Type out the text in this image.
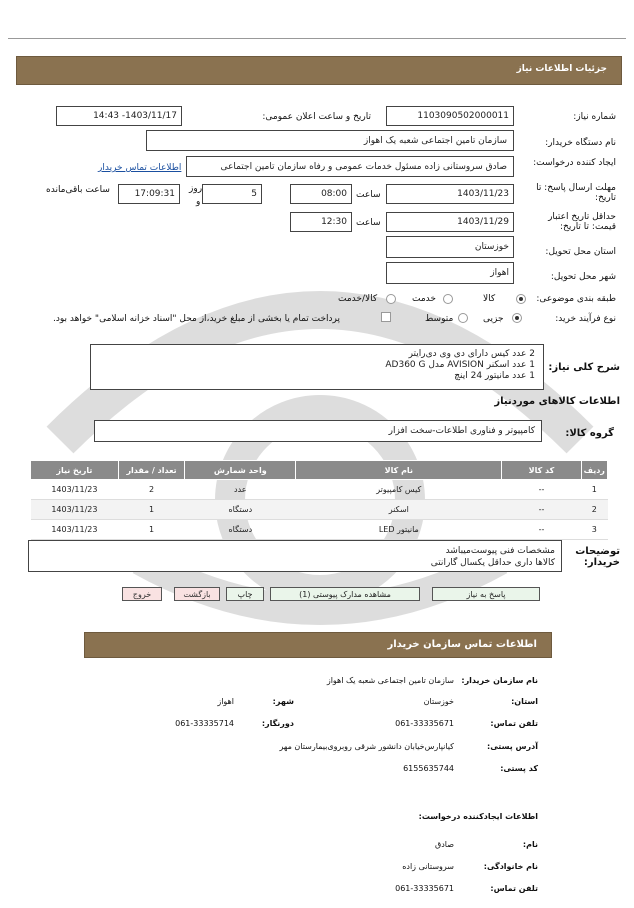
جزئیات اطلاعات نیاز
شماره نیاز:
1103090502000011
تاریخ و ساعت اعلان عمومی:
1403/11/17- 14:43
نام دستگاه خریدار:
سازمان تامین اجتماعی شعبه یک اهواز
ایجاد کننده درخواست:
صادق سروستانی زاده مسئول خدمات عمومی و رفاه سازمان تامین اجتماعی
اطلاعات تماس خریدار
مهلت ارسال پاسخ: تا تاریخ:
1403/11/23
ساعت
08:00
5
روز
و
17:09:31
ساعت باقی‌مانده
حداقل تاریخ اعتبار قیمت: تا تاریخ:
1403/11/29
ساعت
12:30
استان محل تحویل:
خوزستان
شهر محل تحویل:
اهواز
طبقه بندی موضوعی:
کالا
خدمت
کالا/خدمت
نوع فرآیند خرید:
جزیی
متوسط
پرداخت تمام یا بخشی از مبلغ خرید،از محل "اسناد خزانه اسلامی" خواهد بود.
شرح کلی نیاز:
2 عدد کیس دارای دی وی دی‌رایتر
1 عدد اسکنر AVISION مدل AD360 G
1 عدد مانیتور 24 اینچ
اطلاعات کالاهای موردنیاز
گروه کالا:
کامپیوتر و فناوری اطلاعات-سخت افزار
ردیف	کد کالا	نام کالا	واحد شمارش	تعداد / مقدار	تاریخ نیاز
1	--	کیس کامپیوتر	عدد	2	1403/11/23
2	--	اسکنر	دستگاه	1	1403/11/23
3	--	مانیتور LED	دستگاه	1	1403/11/23
توضیحات خریدار:
مشخصات فنی پیوست‌میباشد
کالاها داری حداقل یکسال گارانتی
پاسخ به نیاز
مشاهده مدارک پیوستی (1)
چاپ
بازگشت
خروج
اطلاعات تماس سازمان خریدار
نام سازمان خریدار:
سازمان تامین اجتماعی شعبه یک اهواز
استان:
خوزستان
شهر:
اهواز
تلفن تماس:
061-33335671
دورنگار:
061-33335714
آدرس پستی:
کیانپارس‌خیابان دانشور شرقی روبروی‌بیمارستان مهر
کد پستی:
6155635744
اطلاعات ایجادکننده درخواست:
نام:
صادق
نام خانوادگی:
سروستانی زاده
تلفن تماس:
061-33335671
